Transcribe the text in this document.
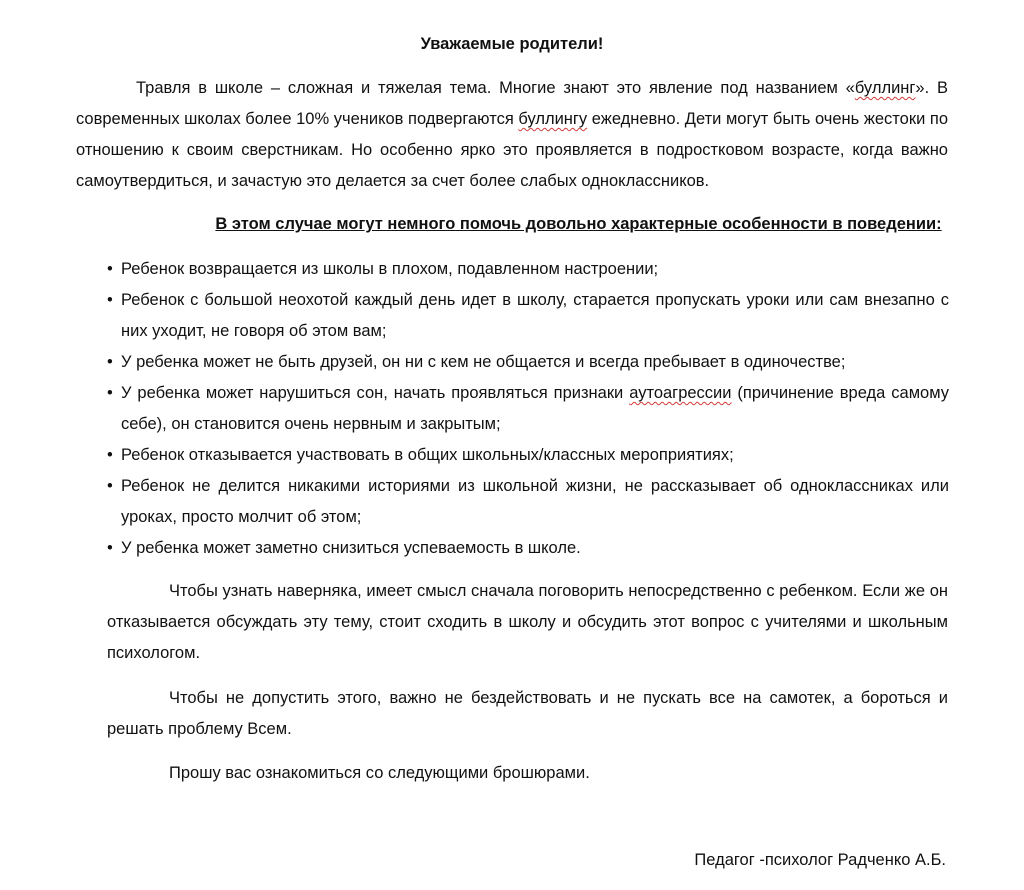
Уважаемые родители!
Травля в школе – сложная и тяжелая тема. Многие знают это явление под названием «буллинг». В современных школах более 10% учеников подвергаются буллингу ежедневно. Дети могут быть очень жестоки по отношению к своим сверстникам. Но особенно ярко это проявляется в подростковом возрасте, когда важно самоутвердиться, и зачастую это делается за счет более слабых одноклассников.
В этом случае могут немного помочь довольно характерные особенности в поведении:
• Ребенок возвращается из школы в плохом, подавленном настроении;
• Ребенок с большой неохотой каждый день идет в школу, старается пропускать уроки или сам внезапно с них уходит, не говоря об этом вам;
• У ребенка может не быть друзей, он ни с кем не общается и всегда пребывает в одиночестве;
• У ребенка может нарушиться сон, начать проявляться признаки аутоагрессии (причинение вреда самому себе), он становится очень нервным и закрытым;
• Ребенок отказывается участвовать в общих школьных/классных мероприятиях;
• Ребенок не делится никакими историями из школьной жизни, не рассказывает об одноклассниках или уроках, просто молчит об этом;
• У ребенка может заметно снизиться успеваемость в школе.
Чтобы узнать наверняка, имеет смысл сначала поговорить непосредственно с ребенком. Если же он отказывается обсуждать эту тему, стоит сходить в школу и обсудить этот вопрос с учителями и школьным психологом.
Чтобы не допустить этого, важно не бездействовать и не пускать все на самотек, а бороться и решать проблему Всем.
Прошу вас ознакомиться со следующими брошюрами.
Педагог -психолог Радченко А.Б.
